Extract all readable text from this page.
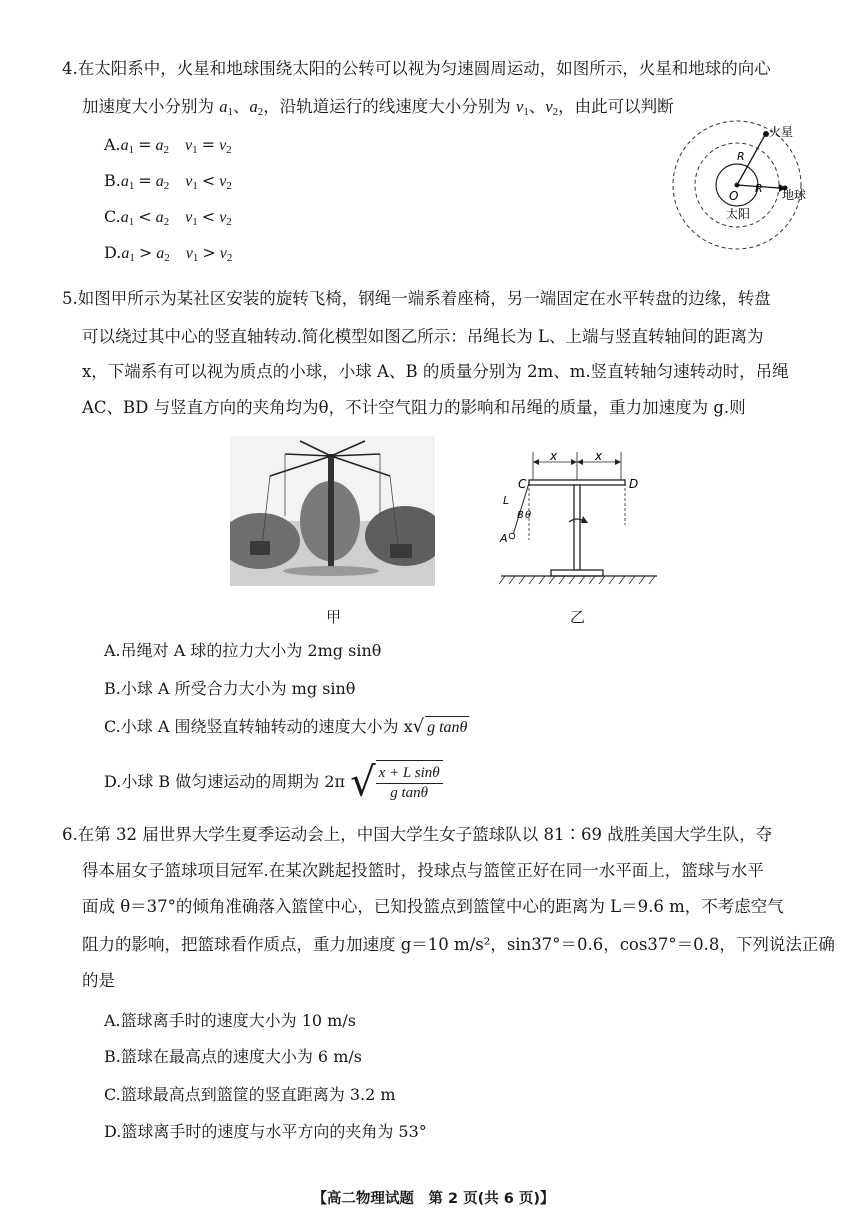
4.在太阳系中，火星和地球围绕太阳的公转可以视为匀速圆周运动，如图所示，火星和地球的向心
加速度大小分别为 $a_1$、$a_2$，沿轨道运行的线速度大小分别为 $v_1$、$v_2$，由此可以判断
$A.a_1 = a_2$    $v_1 = v_2$
$B.a_1 = a_2$    $v_1 < v_2$
$C.a_1 < a_2$    $v_1 < v_2$
$D.a_1 > a_2$    $v_1 > v_2$
火星
地球
太阳
O
R
R
5.如图甲所示为某社区安装的旋转飞椅，钢绳一端系着座椅，另一端固定在水平转盘的边缘，转盘
可以绕过其中心的竖直轴转动.简化模型如图乙所示：吊绳长为 L、上端与竖直转轴间的距离为
x，下端系有可以视为质点的小球，小球 A、B 的质量分别为 2m、m.竖直转轴匀速转动时，吊绳
AC、BD 与竖直方向的夹角均为θ，不计空气阻力的影响和吊绳的质量，重力加速度为 g.则
x	x
C	D
L
B θ
A
甲	乙
A.吊绳对 A 球的拉力大小为 2mg sinθ
B.小球 A 所受合力大小为 mg sinθ
C.小球 A 围绕竖直转轴转动的速度大小为 x√ g tanθ
D.小球 B 做匀速运动的周期为 2π √ $\frac{\text{x + L sinθ}}{\text{g tanθ}}$
6.在第 32 届世界大学生夏季运动会上，中国大学生女子篮球队以 81∶69 战胜美国大学生队，夺
得本届女子篮球项目冠军.在某次跳起投篮时，投球点与篮筐正好在同一水平面上，篮球与水平
面成 θ＝37°的倾角准确落入篮筐中心，已知投篮点到篮筐中心的距离为 L＝9.6 m，不考虑空气
阻力的影响，把篮球看作质点，重力加速度 g＝10 m/s²，sin37°＝0.6，cos37°＝0.8，下列说法正确
的是
A.篮球离手时的速度大小为 10 m/s
B.篮球在最高点的速度大小为 6 m/s
C.篮球最高点到篮筐的竖直距离为 3.2 m
D.篮球离手时的速度与水平方向的夹角为 53°
【高二物理试题　第 2 页(共 6 页)】
